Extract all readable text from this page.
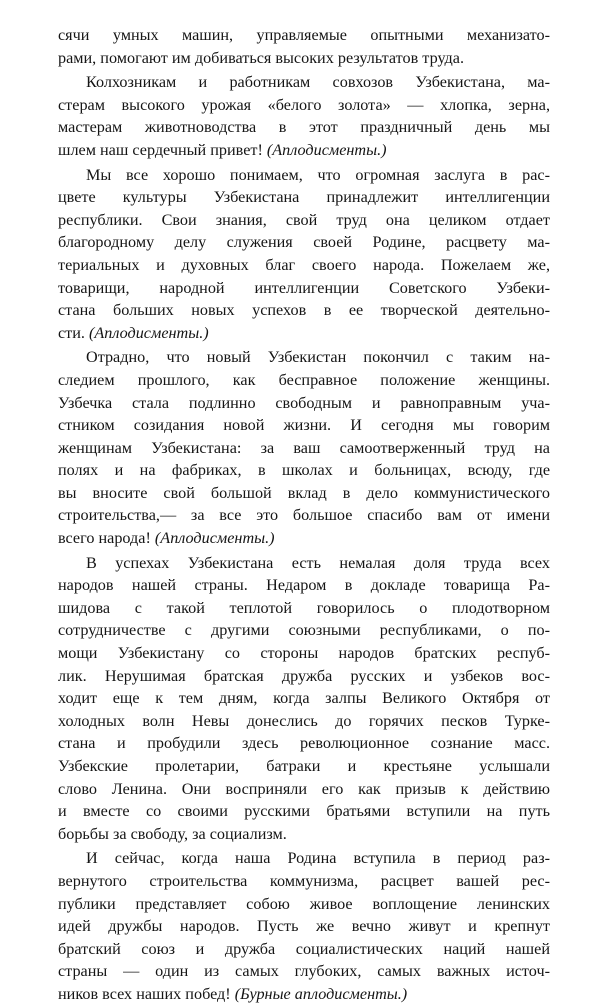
сячи умных машин, управляемые опытными механизато-
рами, помогают им добиваться высоких результатов труда.

Колхозникам и работникам совхозов Узбекистана, ма-
стерам высокого урожая «белого золота» — хлопка, зерна,
мастерам животноводства в этот праздничный день мы
шлем наш сердечный привет! (Аплодисменты.)

Мы все хорошо понимаем, что огромная заслуга в рас-
цвете культуры Узбекистана принадлежит интеллигенции
республики. Свои знания, свой труд она целиком отдает
благородному делу служения своей Родине, расцвету ма-
териальных и духовных благ своего народа. Пожелаем же,
товарищи, народной интеллигенции Советского Узбеки-
стана больших новых успехов в ее творческой деятельно-
сти. (Аплодисменты.)

Отрадно, что новый Узбекистан покончил с таким на-
следием прошлого, как бесправное положение женщины.
Узбечка стала подлинно свободным и равноправным уча-
стником созидания новой жизни. И сегодня мы говорим
женщинам Узбекистана: за ваш самоотверженный труд на
полях и на фабриках, в школах и больницах, всюду, где
вы вносите свой большой вклад в дело коммунистического
строительства,— за все это большое спасибо вам от имени
всего народа! (Аплодисменты.)

В успехах Узбекистана есть немалая доля труда всех
народов нашей страны. Недаром в докладе товарища Ра-
шидова с такой теплотой говорилось о плодотворном
сотрудничестве с другими союзными республиками, о по-
мощи Узбекистану со стороны народов братских респуб-
лик. Нерушимая братская дружба русских и узбеков вос-
ходит еще к тем дням, когда залпы Великого Октября от
холодных волн Невы донеслись до горячих песков Турке-
стана и пробудили здесь революционное сознание масс.
Узбекские пролетарии, батраки и крестьяне услышали
слово Ленина. Они восприняли его как призыв к действию
и вместе со своими русскими братьями вступили на путь
борьбы за свободу, за социализм.

И сейчас, когда наша Родина вступила в период раз-
вернутого строительства коммунизма, расцвет вашей рес-
публики представляет собою живое воплощение ленинских
идей дружбы народов. Пусть же вечно живут и крепнут
братский союз и дружба социалистических наций нашей
страны — один из самых глубоких, самых важных источ-
ников всех наших побед! (Бурные аплодисменты.)
